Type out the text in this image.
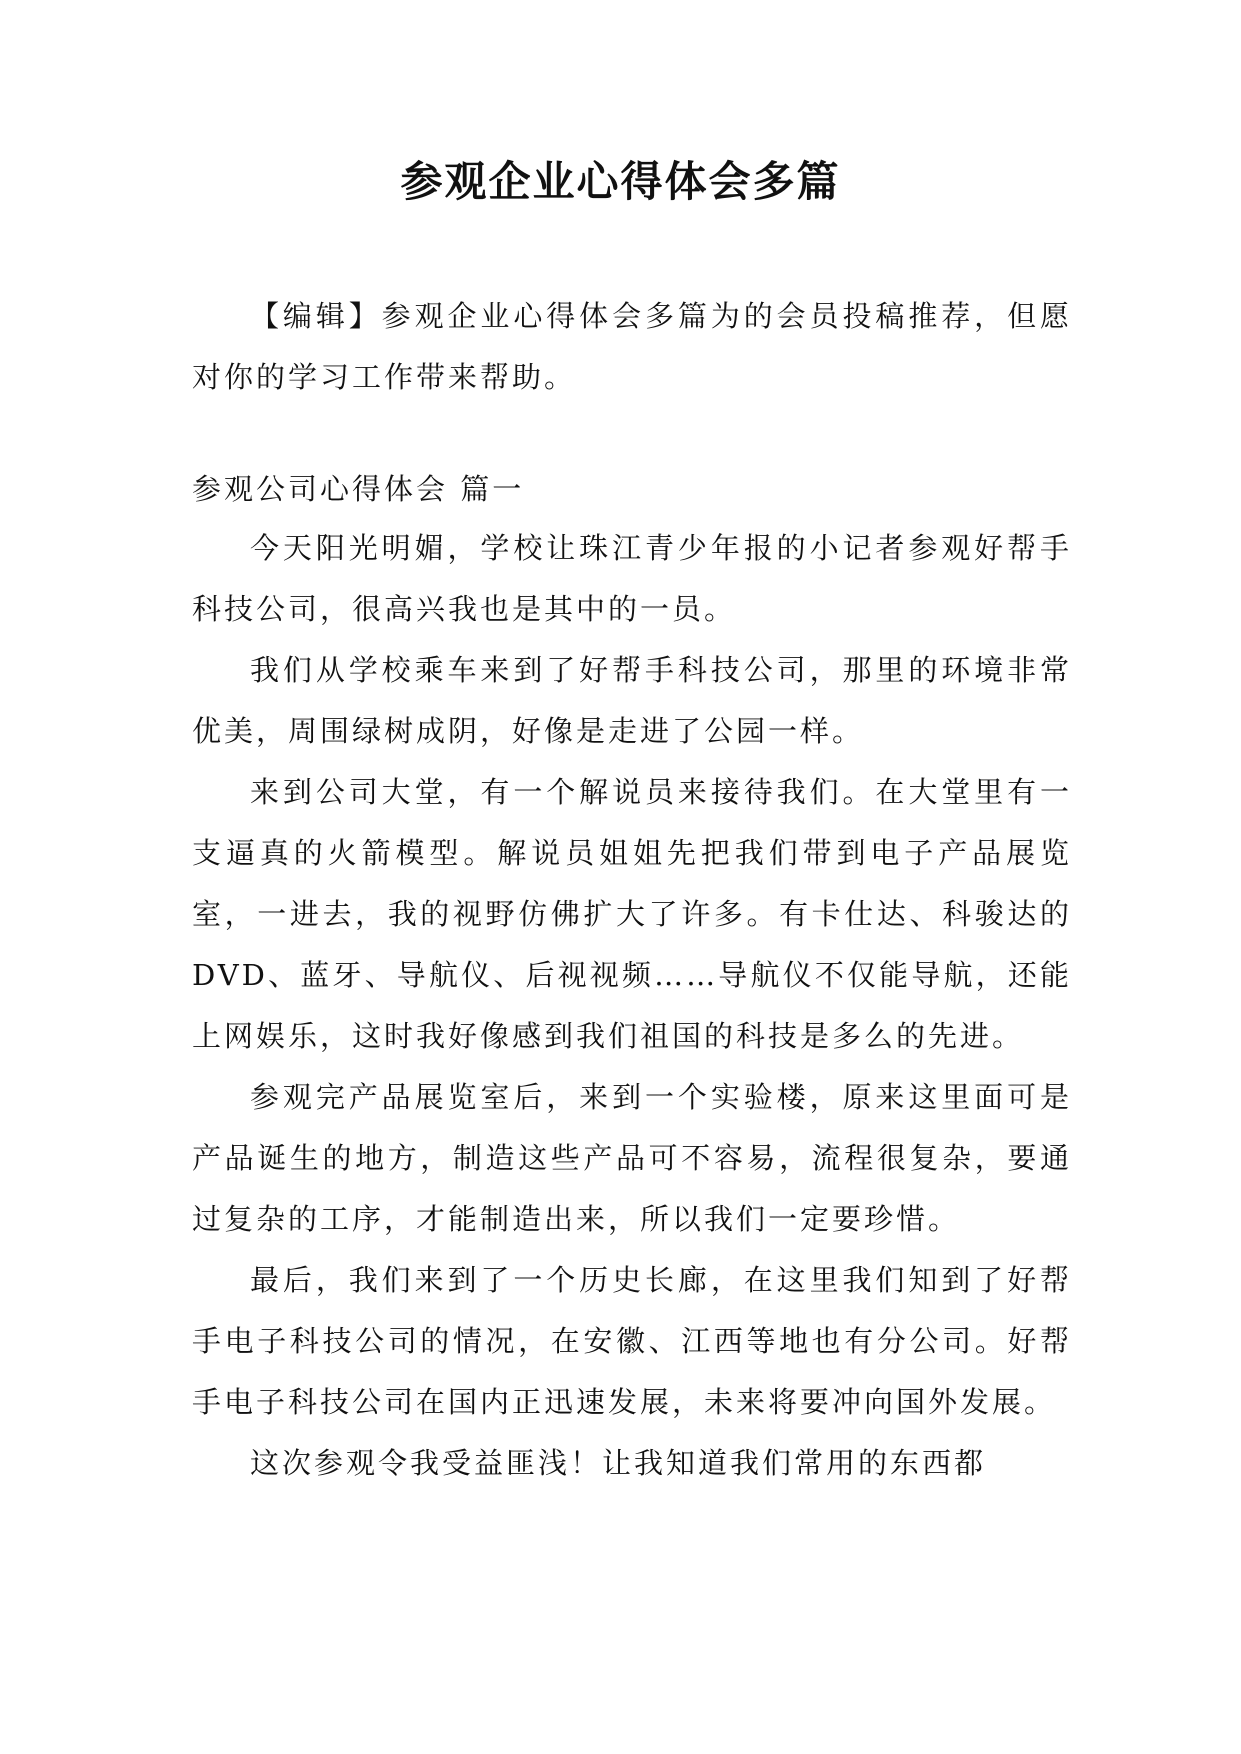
参观企业心得体会多篇

【编辑】参观企业心得体会多篇为的会员投稿推荐，但愿对你的学习工作带来帮助。

参观公司心得体会 篇一

今天阳光明媚，学校让珠江青少年报的小记者参观好帮手科技公司，很高兴我也是其中的一员。

我们从学校乘车来到了好帮手科技公司，那里的环境非常优美，周围绿树成阴，好像是走进了公园一样。

来到公司大堂，有一个解说员来接待我们。在大堂里有一支逼真的火箭模型。解说员姐姐先把我们带到电子产品展览室，一进去，我的视野仿佛扩大了许多。有卡仕达、科骏达的DVD、蓝牙、导航仪、后视视频……导航仪不仅能导航，还能上网娱乐，这时我好像感到我们祖国的科技是多么的先进。

参观完产品展览室后，来到一个实验楼，原来这里面可是产品诞生的地方，制造这些产品可不容易，流程很复杂，要通过复杂的工序，才能制造出来，所以我们一定要珍惜。

最后，我们来到了一个历史长廊，在这里我们知到了好帮手电子科技公司的情况，在安徽、江西等地也有分公司。好帮手电子科技公司在国内正迅速发展，未来将要冲向国外发展。

这次参观令我受益匪浅！让我知道我们常用的东西都
